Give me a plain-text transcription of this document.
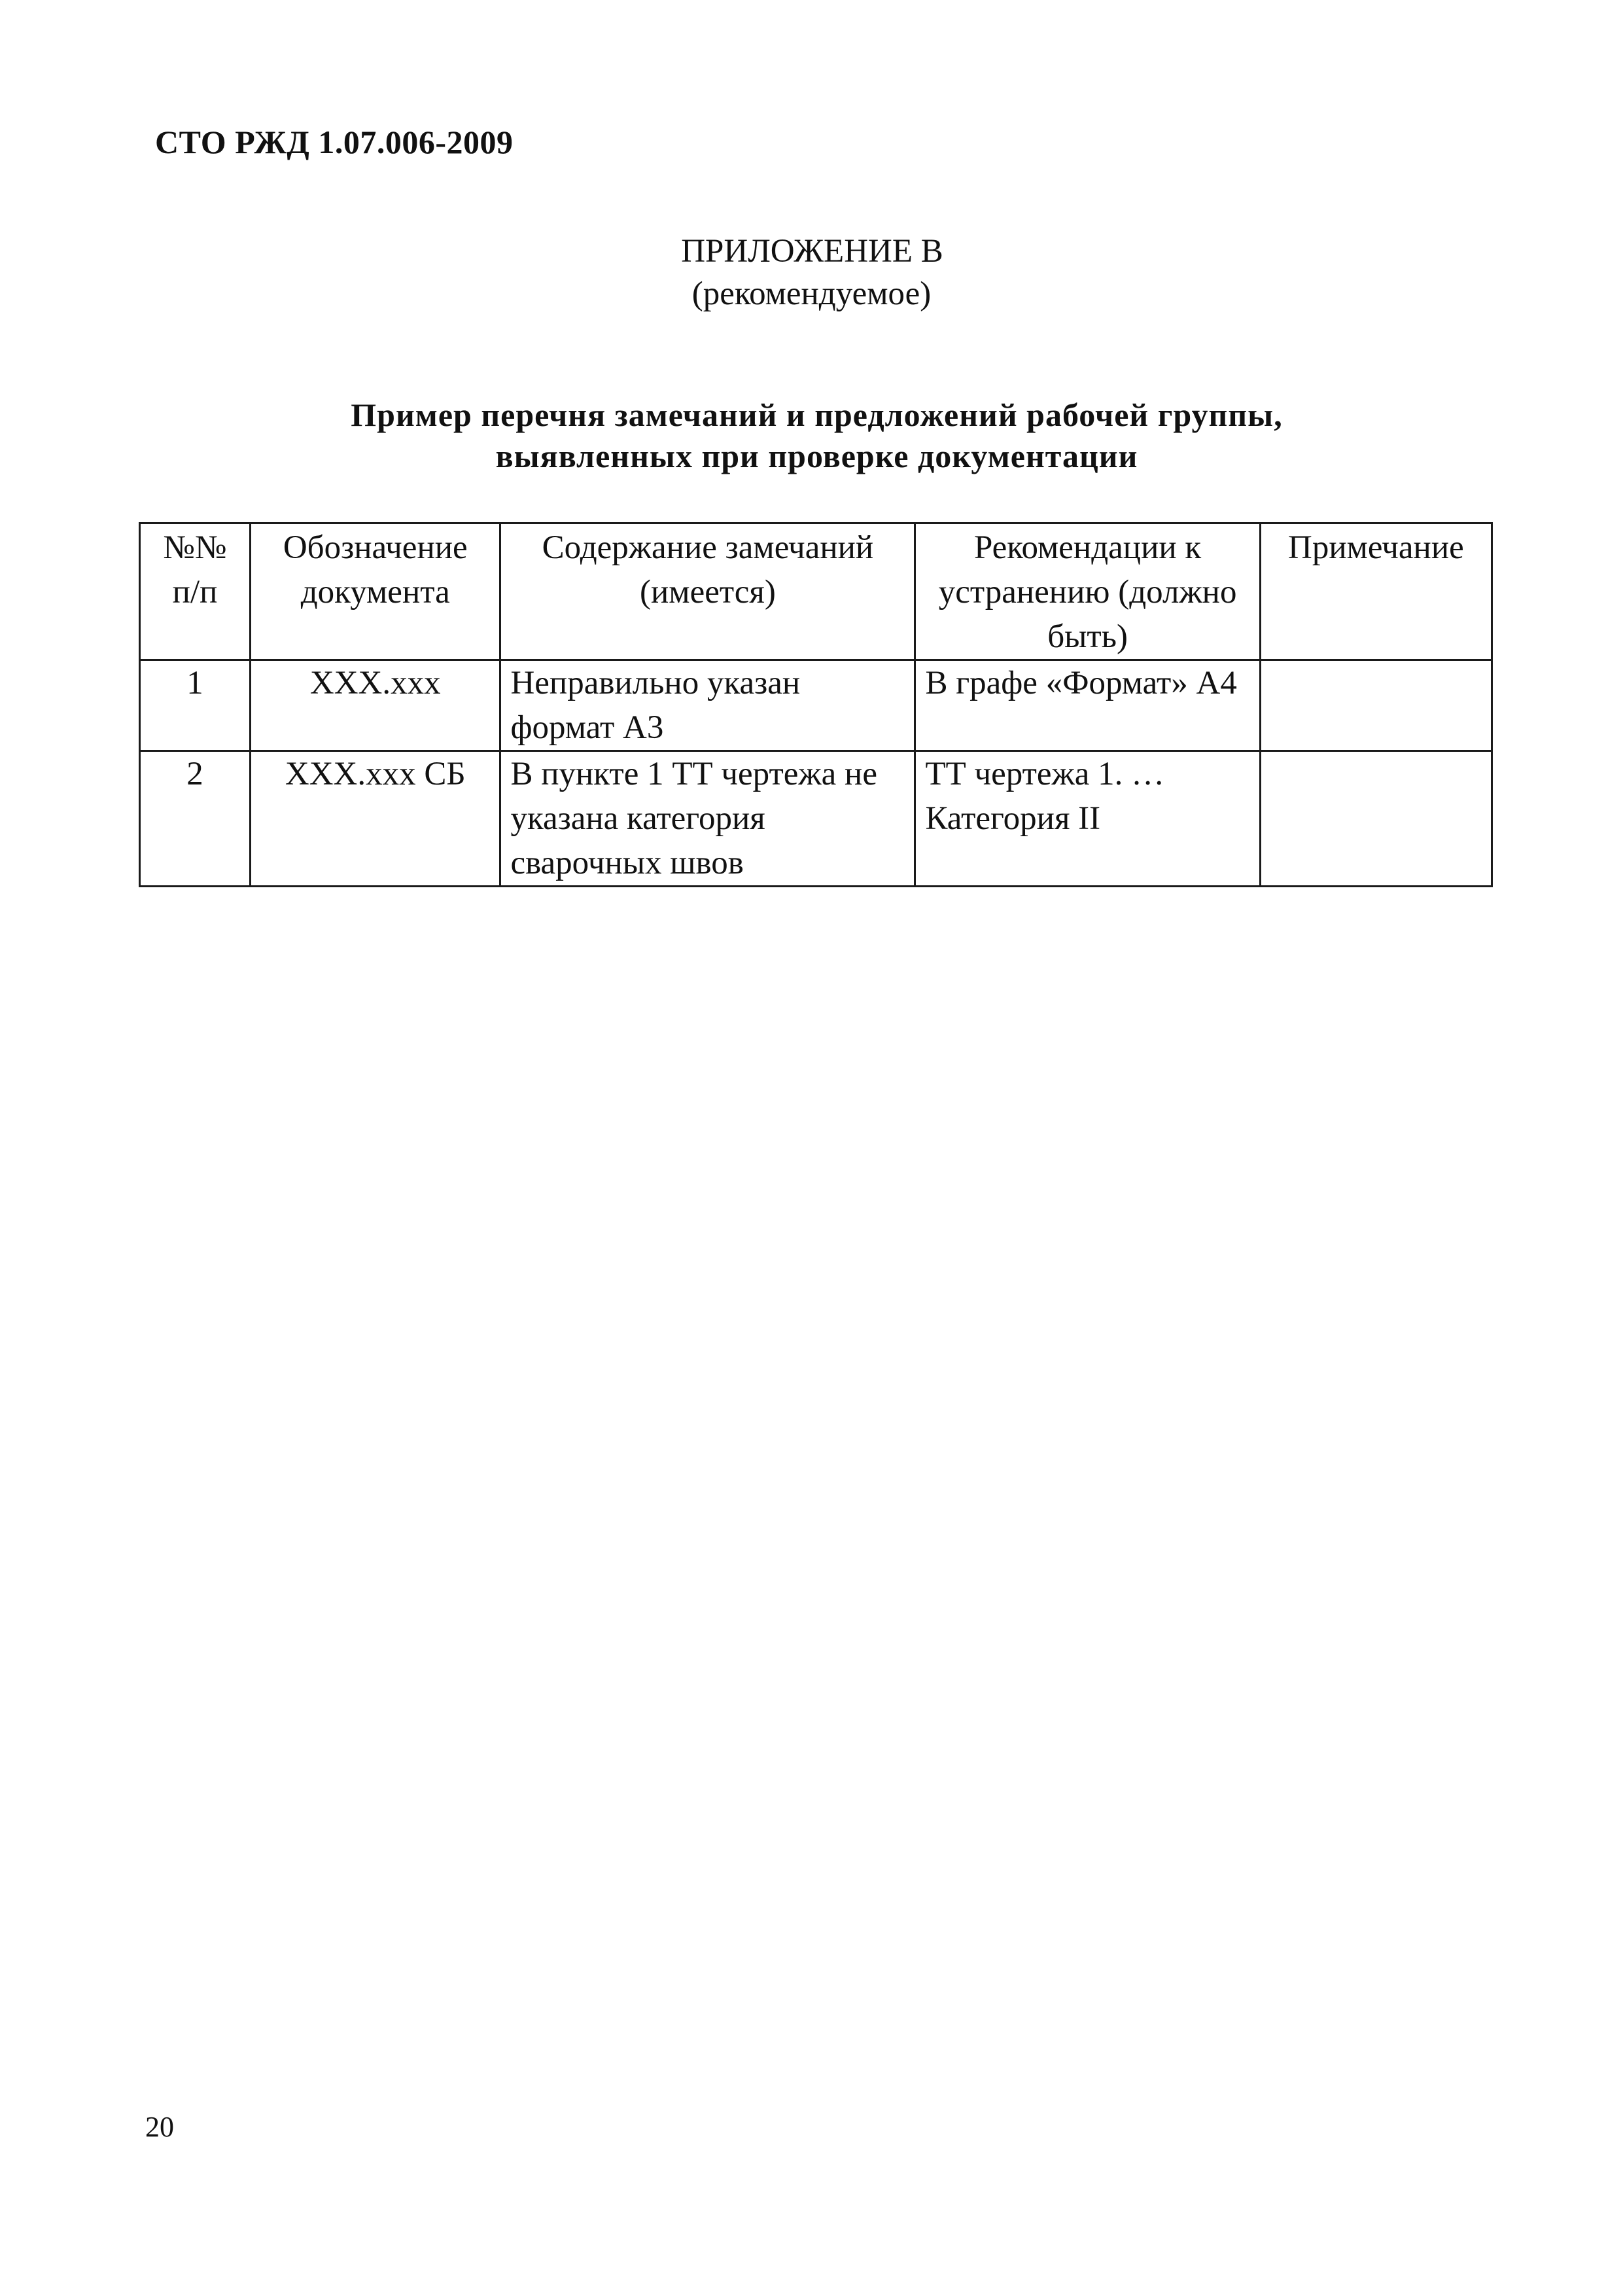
СТО РЖД 1.07.006-2009
ПРИЛОЖЕНИЕ В
(рекомендуемое)
Пример перечня замечаний и предложений рабочей группы,
выявленных при проверке документации
№№ п/п	Обозначение документа	Содержание замечаний (имеется)	Рекомендации к устранению (должно быть)	Примечание
1	XXX.xxx	Неправильно указан формат А3	В графе «Формат» А4	
2	XXX.xxx СБ	В пункте 1 ТТ чертежа не указана категория сварочных швов	ТТ чертежа 1. …Категория II	
20
